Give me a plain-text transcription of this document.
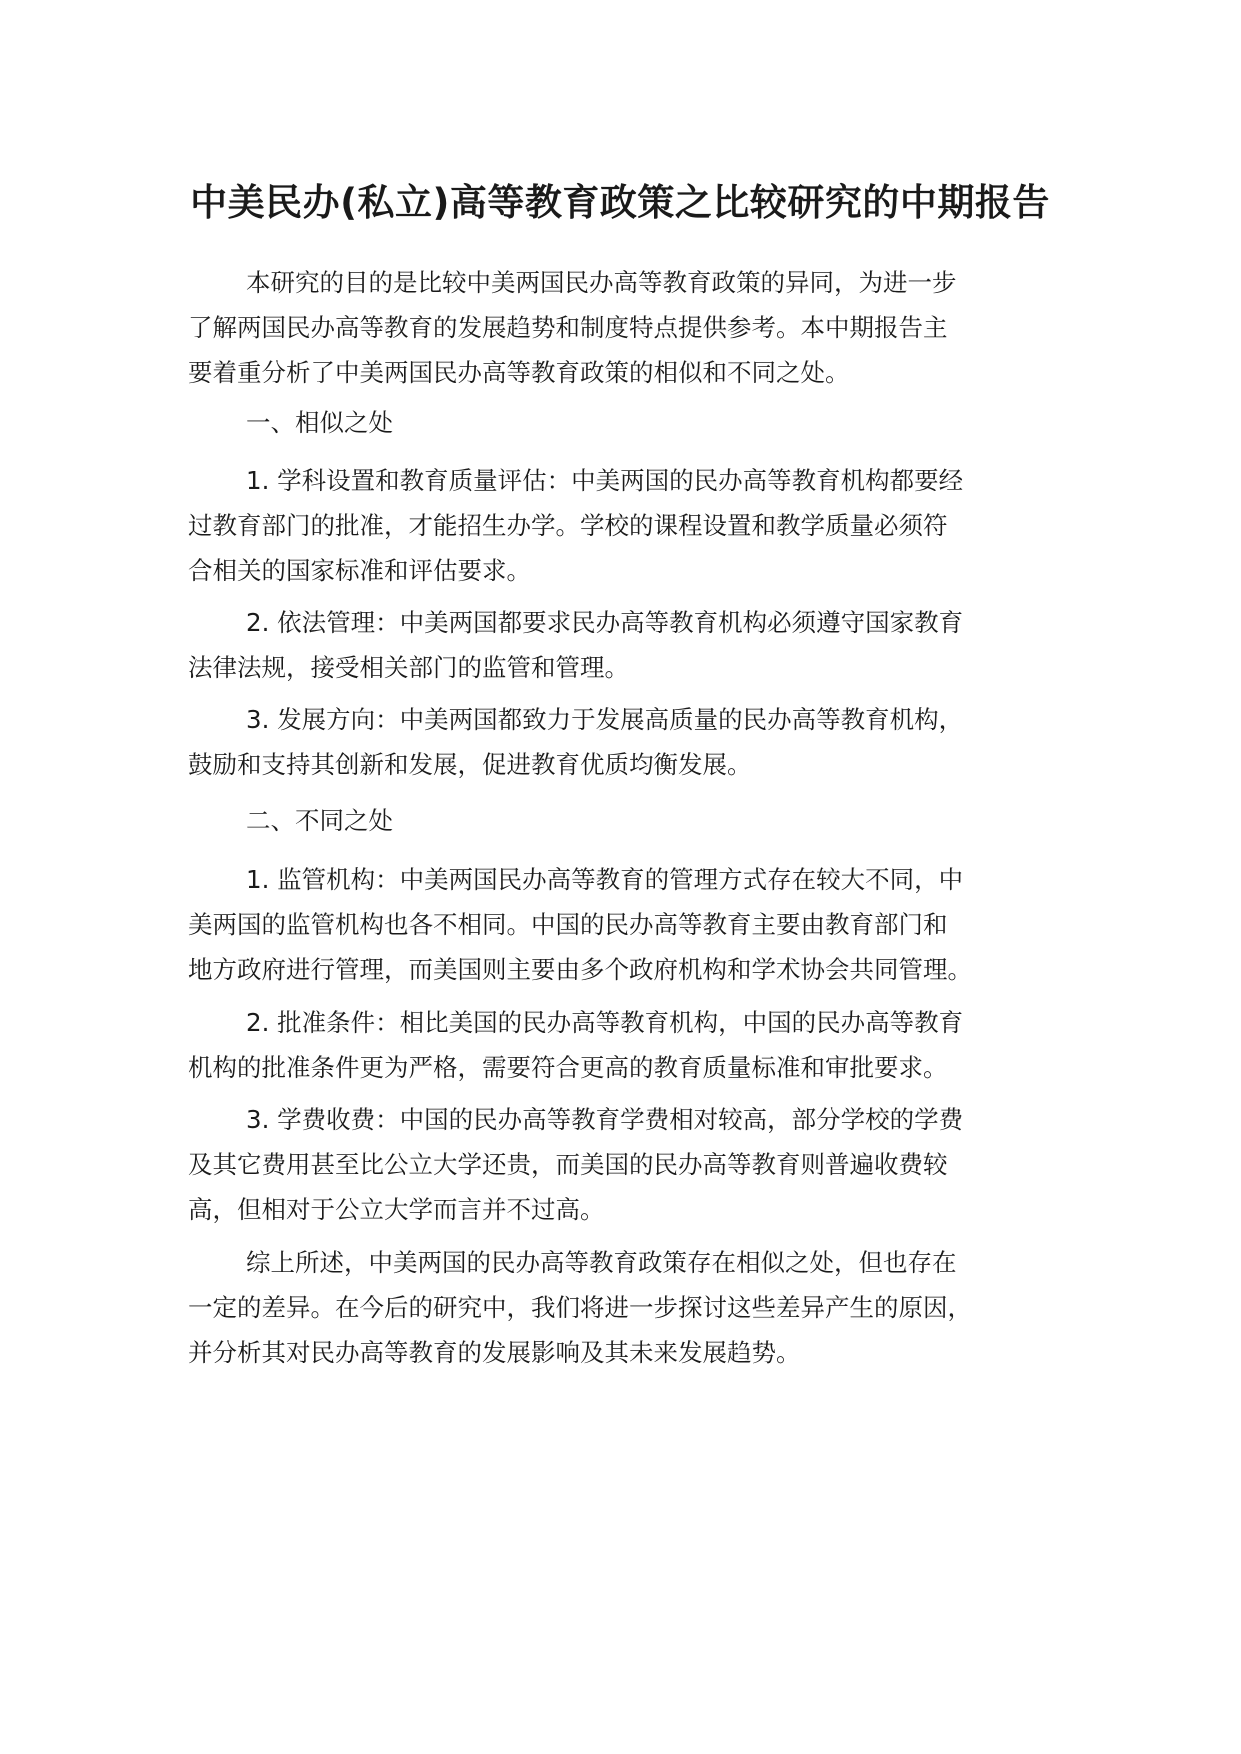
中美民办(私立)高等教育政策之比较研究的中期报告
本研究的目的是比较中美两国民办高等教育政策的异同，为进一步
了解两国民办高等教育的发展趋势和制度特点提供参考。本中期报告主
要着重分析了中美两国民办高等教育政策的相似和不同之处。
一、相似之处
1. 学科设置和教育质量评估：中美两国的民办高等教育机构都要经
过教育部门的批准，才能招生办学。学校的课程设置和教学质量必须符
合相关的国家标准和评估要求。
2. 依法管理：中美两国都要求民办高等教育机构必须遵守国家教育
法律法规，接受相关部门的监管和管理。
3. 发展方向：中美两国都致力于发展高质量的民办高等教育机构，
鼓励和支持其创新和发展，促进教育优质均衡发展。
二、不同之处
1. 监管机构：中美两国民办高等教育的管理方式存在较大不同，中
美两国的监管机构也各不相同。中国的民办高等教育主要由教育部门和
地方政府进行管理，而美国则主要由多个政府机构和学术协会共同管理。
2. 批准条件：相比美国的民办高等教育机构，中国的民办高等教育
机构的批准条件更为严格，需要符合更高的教育质量标准和审批要求。
3. 学费收费：中国的民办高等教育学费相对较高，部分学校的学费
及其它费用甚至比公立大学还贵，而美国的民办高等教育则普遍收费较
高，但相对于公立大学而言并不过高。
综上所述，中美两国的民办高等教育政策存在相似之处，但也存在
一定的差异。在今后的研究中，我们将进一步探讨这些差异产生的原因，
并分析其对民办高等教育的发展影响及其未来发展趋势。
